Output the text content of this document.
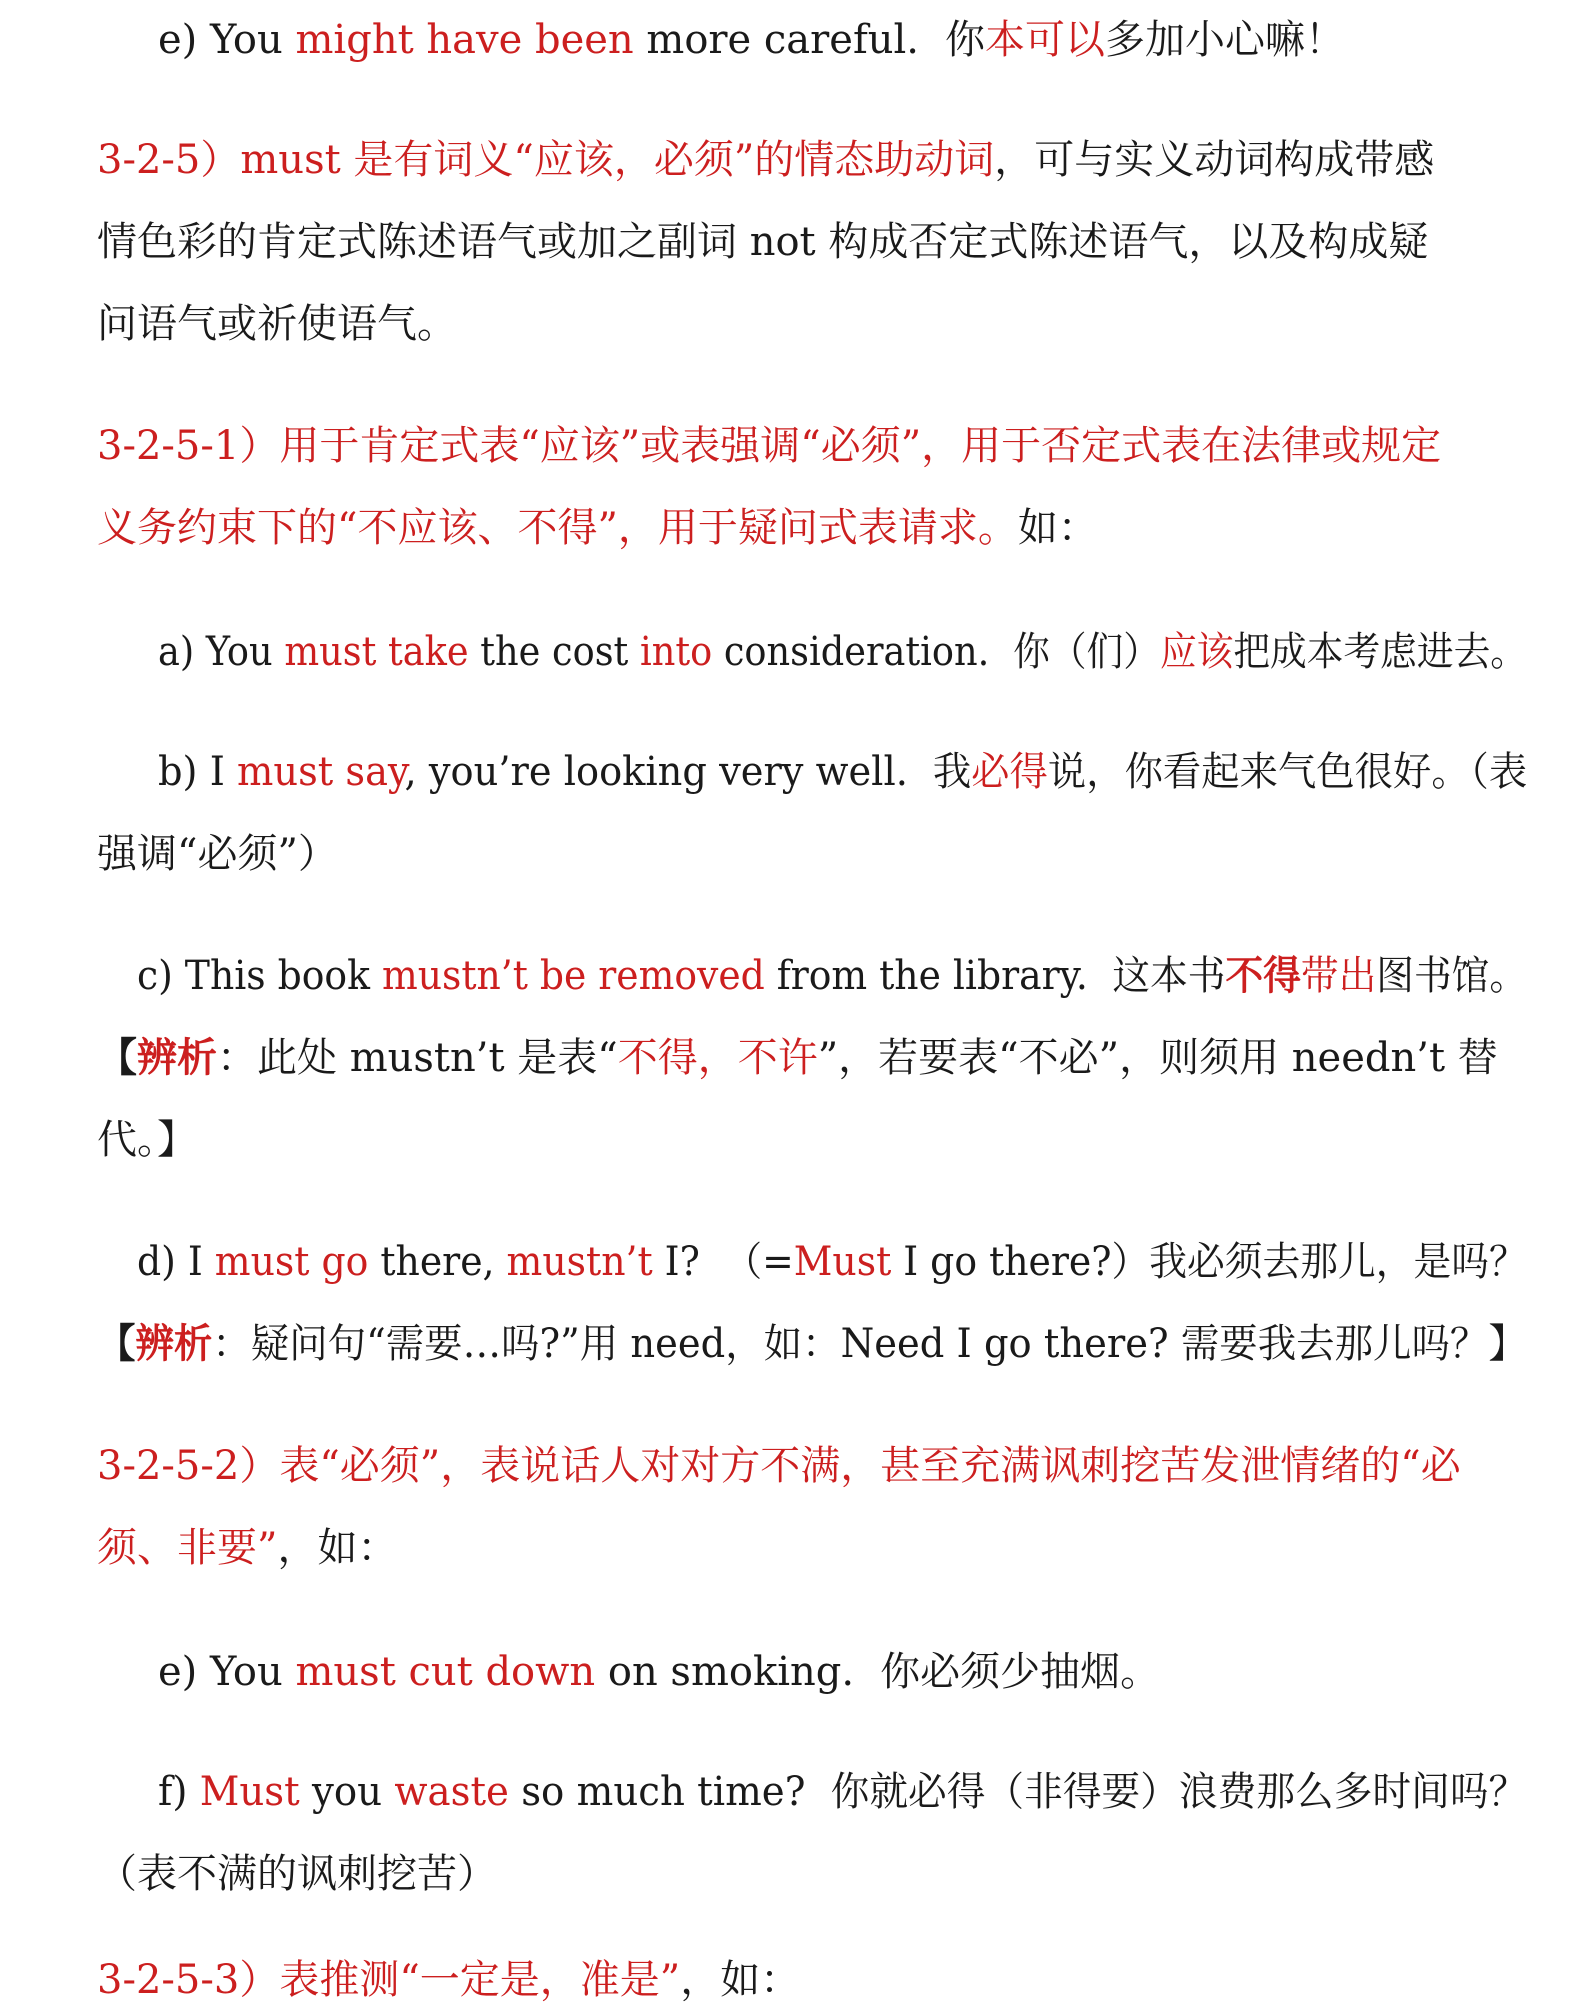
e) You might have been more careful. 你本可以多加小心嘛！
3-2-5）must 是有词义“应该，必须”的情态助动词，可与实义动词构成带感
情色彩的肯定式陈述语气或加之副词 not 构成否定式陈述语气，以及构成疑
问语气或祈使语气。
3-2-5-1）用于肯定式表“应该”或表强调“必须”，用于否定式表在法律或规定
义务约束下的“不应该、不得”，用于疑问式表请求。如：
a) You must take the cost into consideration. 你（们）应该把成本考虑进去。
b) I must say, you’re looking very well. 我必得说，你看起来气色很好。（表
强调“必须”）
c) This book mustn’t be removed from the library. 这本书不得带出图书馆。
【辨析：此处 mustn’t 是表“不得，不许”，若要表“不必”，则须用 needn’t 替
代。】
d) I must go there, mustn’t I? （=Must I go there?）我必须去那儿，是吗？
【辨析：疑问句“需要…吗?”用 need，如：Need I go there? 需要我去那儿吗？】
3-2-5-2）表“必须”，表说话人对对方不满，甚至充满讽刺挖苦发泄情绪的“必
须、非要”，如：
e) You must cut down on smoking. 你必须少抽烟。
f) Must you waste so much time? 你就必得（非得要）浪费那么多时间吗？
（表不满的讽刺挖苦）
3-2-5-3）表推测“一定是，准是”，如：
